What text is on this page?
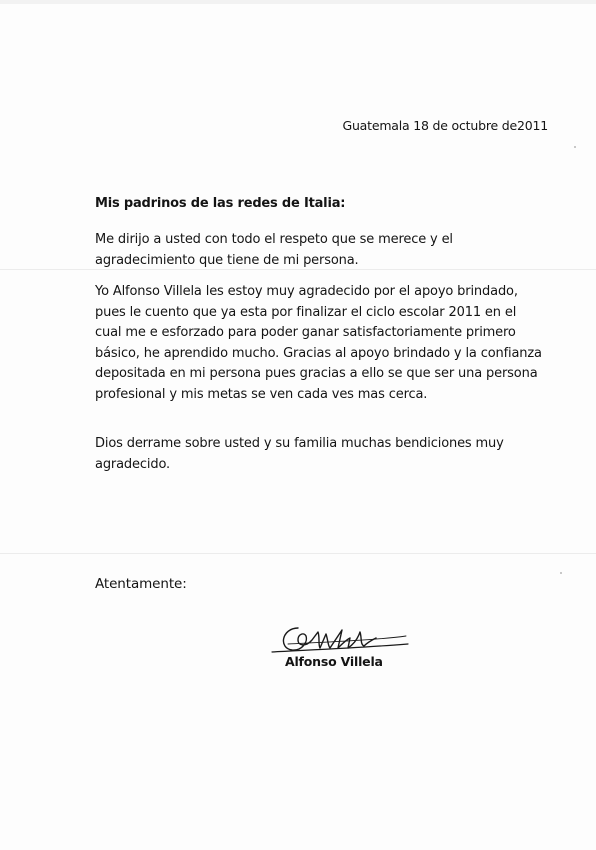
Guatemala 18 de octubre de2011
Mis padrinos de las redes de Italia:

Me dirijo a usted con todo el respeto que se merece y el agradecimiento que tiene de mi persona.

Yo Alfonso Villela les estoy muy agradecido por el apoyo brindado, pues le cuento que ya esta por finalizar el ciclo escolar 2011 en el cual me e esforzado para poder ganar satisfactoriamente primero básico, he aprendido mucho. Gracias al apoyo brindado y la confianza depositada en mi persona pues gracias a ello se que ser una persona profesional y mis metas se ven cada ves mas cerca.

Dios derrame sobre usted y su familia muchas bendiciones muy agradecido.

Atentamente:
Alfonso Villela
